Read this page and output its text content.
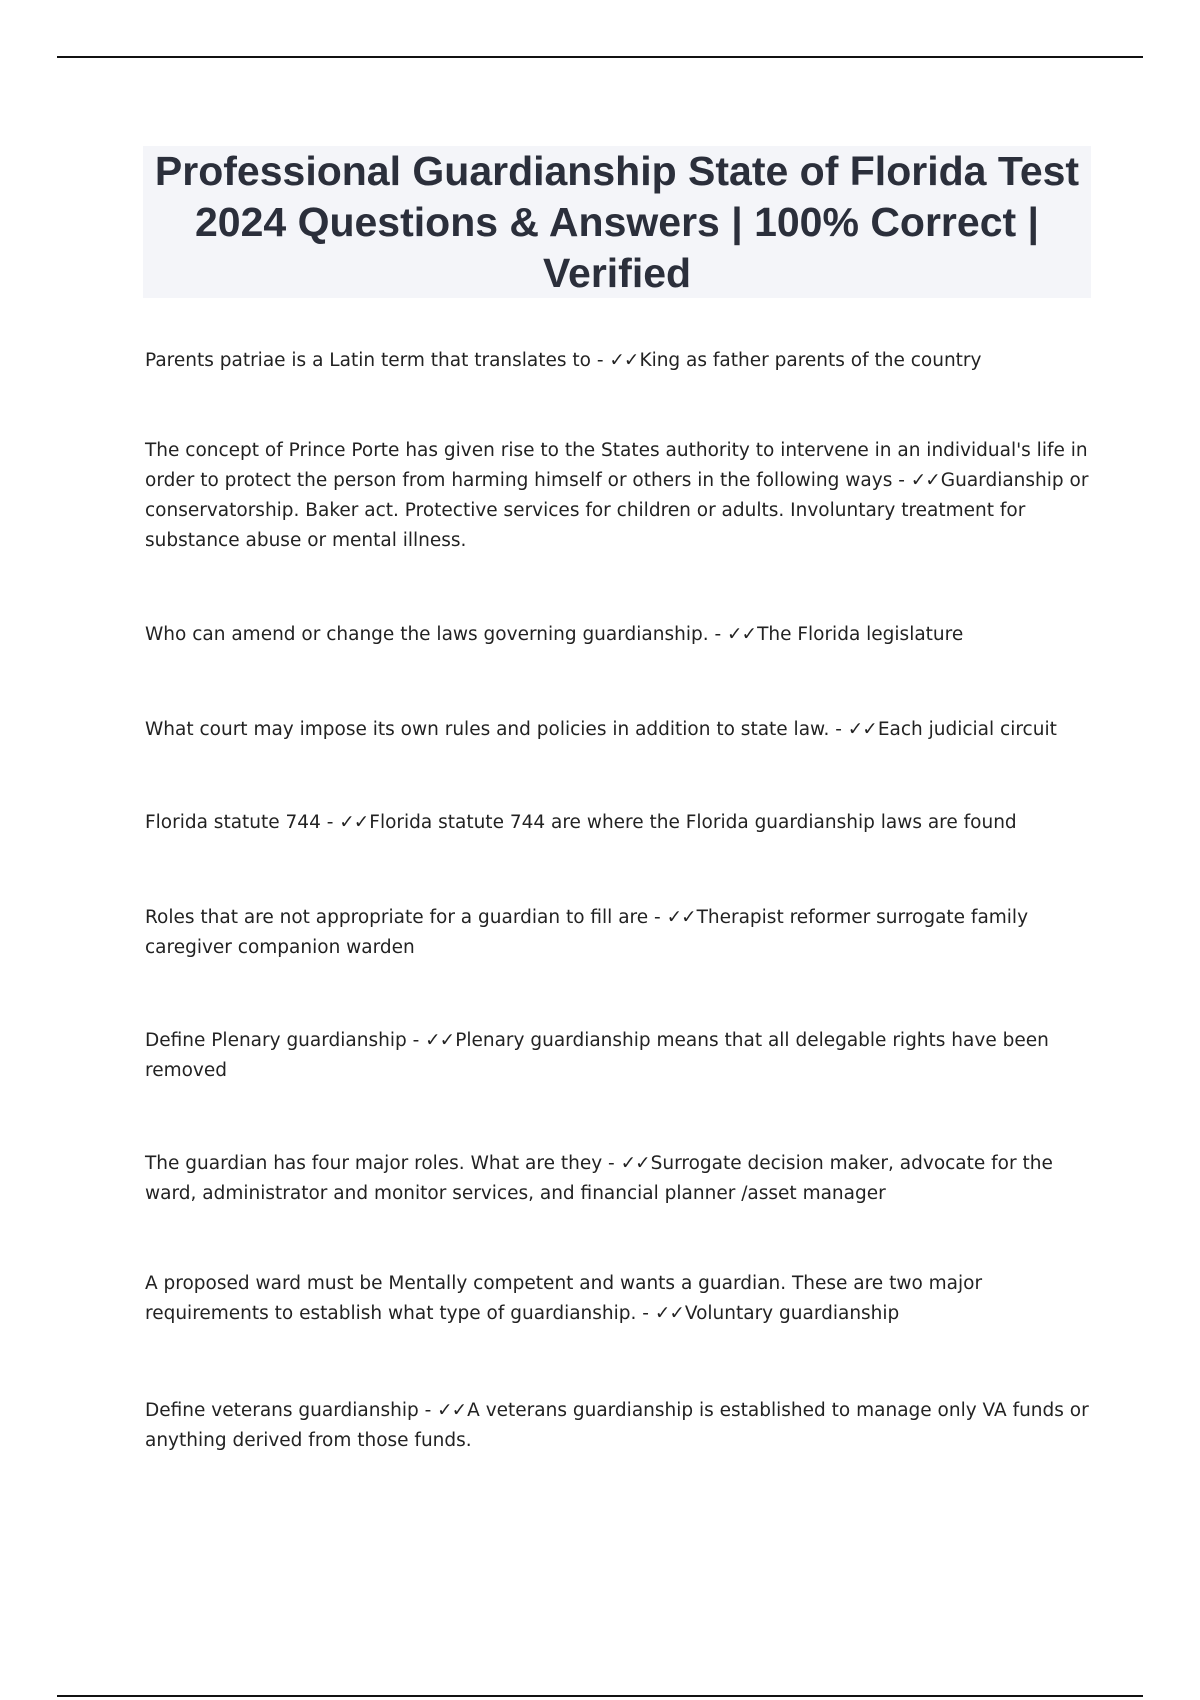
Professional Guardianship State of Florida Test 2024 Questions & Answers | 100% Correct | Verified

Parents patriae is a Latin term that translates to - ✓✓King as father parents of the country

The concept of Prince Porte has given rise to the States authority to intervene in an individual's life in order to protect the person from harming himself or others in the following ways - ✓✓Guardianship or conservatorship. Baker act. Protective services for children or adults. Involuntary treatment for substance abuse or mental illness.

Who can amend or change the laws governing guardianship. - ✓✓The Florida legislature

What court may impose its own rules and policies in addition to state law. - ✓✓Each judicial circuit

Florida statute 744 - ✓✓Florida statute 744 are where the Florida guardianship laws are found

Roles that are not appropriate for a guardian to fill are - ✓✓Therapist reformer surrogate family caregiver companion warden

Define Plenary guardianship - ✓✓Plenary guardianship means that all delegable rights have been removed

The guardian has four major roles. What are they - ✓✓Surrogate decision maker, advocate for the ward, administrator and monitor services, and financial planner /asset manager

A proposed ward must be Mentally competent and wants a guardian. These are two major requirements to establish what type of guardianship. - ✓✓Voluntary guardianship

Define veterans guardianship - ✓✓A veterans guardianship is established to manage only VA funds or anything derived from those funds.
